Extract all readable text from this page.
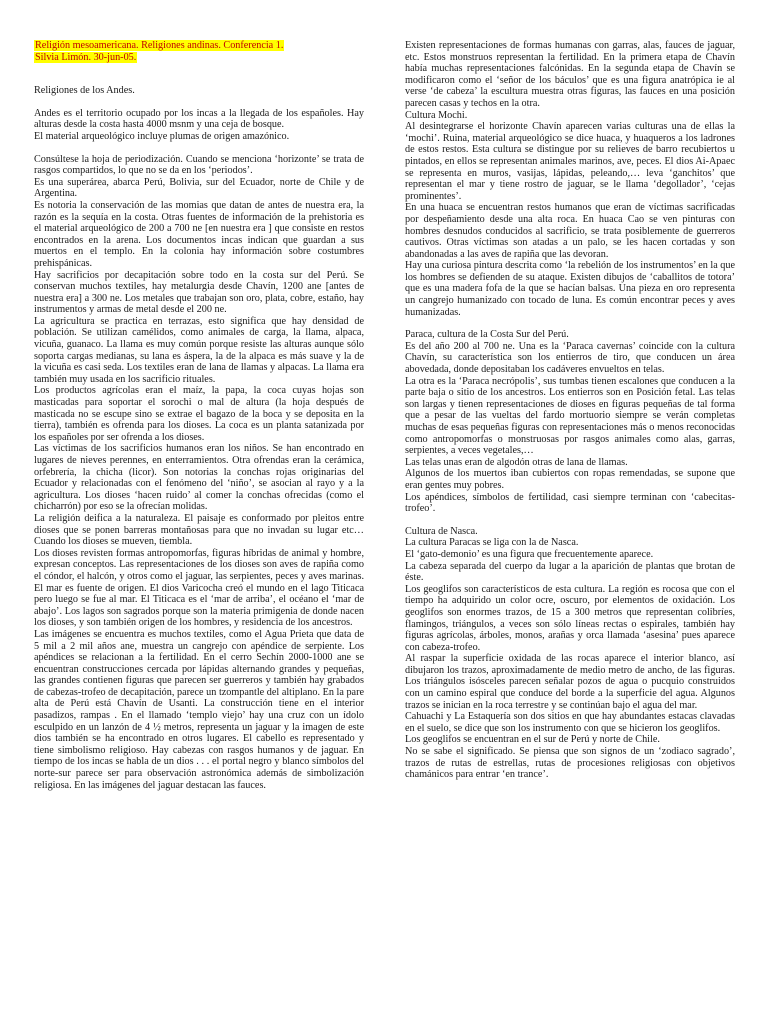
Religión mesoamericana. Religiones andinas. Conferencia 1.
Silvia Limón. 30-jun-05.

Religiones de los Andes.

Andes es el territorio ocupado por los incas a la llegada de los españoles. Hay alturas desde la costa hasta 4000 msnm y una ceja de bosque.

El material arqueológico incluye plumas de origen amazónico.

Consúltese la hoja de periodización. Cuando se menciona ‘horizonte’ se trata de rasgos compartidos, lo que no se da en los ‘periodos’.

Es una superárea, abarca Perú, Bolivia, sur del Ecuador, norte de Chile y de Argentina.

Es notoria la conservación de las momias que datan de antes de nuestra era, la razón es la sequía en la costa. Otras fuentes de información de la prehistoria es el material arqueológico de 200 a 700 ne [en nuestra era ] que consiste en restos encontrados en la arena. Los documentos incas indican que guardan a sus muertos en el templo. En la colonia hay información sobre costumbres prehispánicas.

Hay sacrificios por decapitación sobre todo en la costa sur del Perú. Se conservan muchos textiles, hay metalurgia desde Chavín, 1200 ane [antes de nuestra era] a 300 ne. Los metales que trabajan son oro, plata, cobre, estaño, hay instrumentos y armas de metal desde el 200 ne.

La agricultura se practica en terrazas, esto significa que hay densidad de población. Se utilizan camélidos, como animales de carga, la llama, alpaca, vicuña, guanaco. La llama es muy común porque resiste las alturas aunque sólo soporta cargas medianas, su lana es áspera, la de la alpaca es más suave y la de la vicuña es casi seda. Los textiles eran de lana de llamas y alpacas. La llama era también muy usada en los sacrificio rituales.

Los productos agrícolas eran el maíz, la papa, la coca cuyas hojas son masticadas para soportar el sorochi o mal de altura (la hoja después de masticada no se escupe sino se extrae el bagazo de la boca y se deposita en la tierra), también es ofrenda para los dioses. La coca es un planta satanizada por los españoles por ser ofrenda a los dioses.

Las víctimas de los sacrificios humanos eran los niños. Se han encontrado en lugares de nieves perennes, en enterramientos. Otra ofrendas eran la cerámica, orfebrería, la chicha (licor). Son notorias la conchas rojas originarias del Ecuador y relacionadas con el fenómeno del ‘niño’, se asocian al rayo y a la agricultura. Los dioses ‘hacen ruido’ al comer la conchas ofrecidas (como el chicharrón) por eso se la ofrecían molidas.

La religión deifica a la naturaleza. El paisaje es conformado por pleitos entre dioses que se ponen barreras montañosas para que no invadan su lugar etc… Cuando los dioses se mueven, tiembla.

Los dioses revisten formas antropomorfas, figuras híbridas de animal y hombre, expresan conceptos. Las representaciones de los dioses son aves de rapiña como el cóndor, el halcón, y otros como el jaguar, las serpientes, peces y aves marinas. El mar es fuente de origen. El dios Varicocha creó el mundo en el lago Titicaca pero luego se fue al mar. El Titicaca es el ‘mar de arriba’, el océano el ‘mar de abajo’. Los lagos son sagrados porque son la materia primigenia de donde nacen los dioses, y son también origen de los hombres, y residencia de los ancestros.

Las imágenes se encuentra es muchos textiles, como el Agua Prieta que data de 5 mil a 2 mil años ane, muestra un cangrejo con apéndice de serpiente. Los apéndices se relacionan a la fertilidad. En el cerro Sechín 2000-1000 ane se encuentran construcciones cercada por lápidas alternando grandes y pequeñas, las grandes contienen figuras que parecen ser guerreros y también hay grabados de cabezas-trofeo de decapitación, parece un tzompantle del altiplano. En la pare alta de Perú está Chavín de Usanti. La construcción tiene en el interior pasadizos, rampas . En el llamado ‘templo viejo’ hay una cruz con un ídolo esculpido en un lanzón de 4 ½ metros, representa un jaguar y la imagen de este dios también se ha encontrado en otros lugares. El cabello es representado y tiene simbolismo religioso. Hay cabezas con rasgos humanos y de jaguar. En tiempo de los incas se habla de un dios . . . el portal negro y blanco símbolos del norte-sur parece ser para observación astronómica además de simbolización religiosa. En las imágenes del jaguar destacan las fauces.

Existen representaciones de formas humanas con garras, alas, fauces de jaguar, etc. Estos monstruos representan la fertilidad. En la primera etapa de Chavín había muchas representaciones falcónidas. En la segunda etapa de Chavín se modificaron como el ‘señor de los báculos’ que es una figura anatrópica ie al verse ‘de cabeza’ la escultura muestra otras figuras, las fauces en una posición parecen casas y techos en la otra.

Cultura Mochi.

Al desintegrarse el horizonte Chavín aparecen varias culturas una de ellas la ‘mochi’. Ruina, material arqueológico se dice huaca, y huaqueros a los ladrones de estos restos. Esta cultura se distingue por su relieves de barro recubiertos u pintados, en ellos se representan animales marinos, ave, peces. El dios Ai-Apaec se representa en muros, vasijas, lápidas, peleando,… leva ‘ganchitos’ que representan el mar y tiene rostro de jaguar, se le llama ‘degollador’, ‘cejas prominentes’.

En una huaca se encuentran restos humanos que eran de víctimas sacrificadas por despeñamiento desde una alta roca. En huaca Cao se ven pinturas con hombres desnudos conducidos al sacrificio, se trata posiblemente de guerreros cautivos. Otras víctimas son atadas a un palo, se les hacen cortadas y son abandonadas a las aves de rapiña que las devoran.

Hay una curiosa pintura descrita como ‘la rebelión de los instrumentos’ en la que los hombres se defienden de su ataque. Existen dibujos de ‘caballitos de totora’ que es una madera fofa de la que se hacían balsas. Una pieza en oro representa un cangrejo humanizado con tocado de luna. Es común encontrar peces y aves humanizadas.

Paraca, cultura de la Costa Sur del Perú.

Es del año 200 al 700 ne. Una es la ‘Paraca cavernas’ coincide con la cultura Chavín, su característica son los entierros de tiro, que conducen un área abovedada, donde depositaban los cadáveres envueltos en telas.

La otra es la ‘Paraca necrópolis’, sus tumbas tienen escalones que conducen a la parte baja o sitio de los ancestros. Los entierros son en Posición fetal. Las telas son largas y tienen representaciones de dioses en figuras pequeñas de tal forma que a pesar de las vueltas del fardo mortuorio siempre se verán completas muchas de esas pequeñas figuras con representaciones más o menos reconocidas como antropomorfas o monstruosas por rasgos animales como alas, garras, serpientes, a veces vegetales,…

Las telas unas eran de algodón otras de lana de llamas.

Algunos de los muertos iban cubiertos con ropas remendadas, se supone que eran gentes muy pobres.

Los apéndices, símbolos de fertilidad, casi siempre terminan con ‘cabecitas-trofeo’.

Cultura de Nasca.

La cultura Paracas se liga con la de Nasca.

El ‘gato-demonio’ es una figura que frecuentemente aparece.

La cabeza separada del cuerpo da lugar a la aparición de plantas que brotan de éste.

Los geoglifos son característicos de esta cultura. La región es rocosa que con el tiempo ha adquirido un color ocre, oscuro, por elementos de oxidación. Los geoglifos son enormes trazos, de 15 a 300 metros que representan colibríes, flamingos, triángulos, a veces son sólo líneas rectas o espirales, también hay figuras agrícolas, árboles, monos, arañas y orca llamada ‘asesina’ pues aparece con cabeza-trofeo.

Al raspar la superficie oxidada de las rocas aparece el interior blanco, así dibujaron los trazos, aproximadamente de medio metro de ancho, de las figuras. Los triángulos isósceles parecen señalar pozos de agua o pucquio construidos con un camino espiral que conduce del borde a la superficie del agua. Algunos trazos se inician en la roca terrestre y se continúan bajo el agua del mar.

Cahuachi y La Estaquería son dos sitios en que hay abundantes estacas clavadas en el suelo, se dice que son los instrumento con que se hicieron los geoglifos.

Los geoglifos se encuentran en el sur de Perú y norte de Chile.

No se sabe el significado. Se piensa que son signos de un ‘zodiaco sagrado’, trazos de rutas de estrellas, rutas de procesiones religiosas con objetivos chamánicos para entrar ‘en trance’.
